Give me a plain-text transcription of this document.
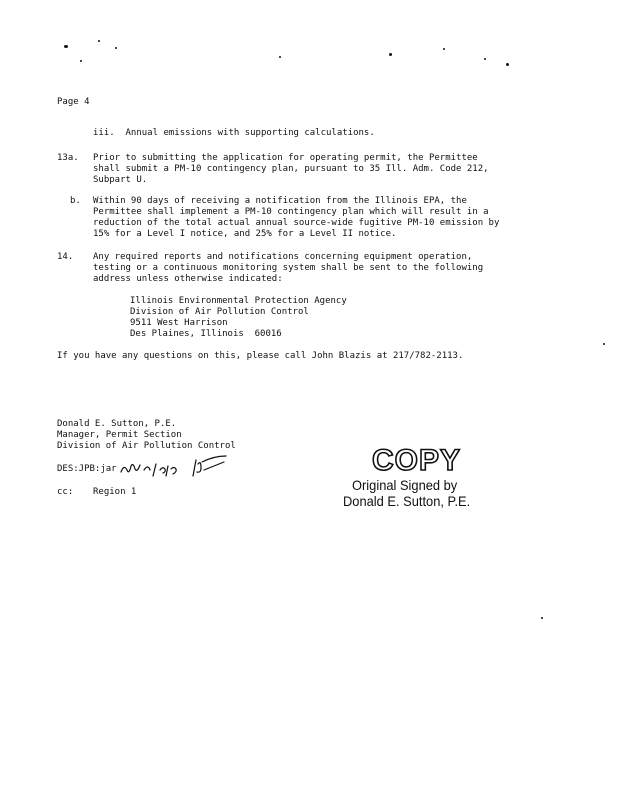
Page 4
iii.  Annual emissions with supporting calculations.
13a. Prior to submitting the application for operating permit, the Permittee
shall submit a PM-10 contingency plan, pursuant to 35 Ill. Adm. Code 212,
Subpart U.
b. Within 90 days of receiving a notification from the Illinois EPA, the
Permittee shall implement a PM-10 contingency plan which will result in a
reduction of the total actual annual source-wide fugitive PM-10 emission by
15% for a Level I notice, and 25% for a Level II notice.
14. Any required reports and notifications concerning equipment operation,
testing or a continuous monitoring system shall be sent to the following
address unless otherwise indicated:
Illinois Environmental Protection Agency
Division of Air Pollution Control
9511 West Harrison
Des Plaines, Illinois  60016
If you have any questions on this, please call John Blazis at 217/782-2113.
Donald E. Sutton, P.E.
Manager, Permit Section
Division of Air Pollution Control
DES:JPB:jar
cc: Region 1
COPY
Original Signed by
Donald E. Sutton, P.E.
